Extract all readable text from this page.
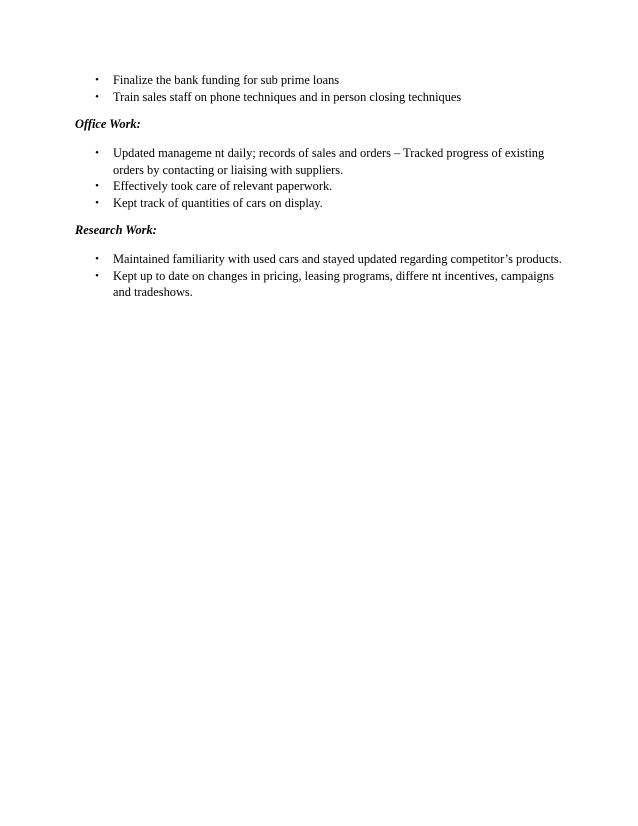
• Finalize the bank funding for sub prime loans
• Train sales staff on phone techniques and in person closing techniques

Office Work:

• Updated manageme nt daily; records of sales and orders – Tracked progress of existing orders by contacting or liaising with suppliers.
• Effectively took care of relevant paperwork.
• Kept track of quantities of cars on display.

Research Work:

• Maintained familiarity with used cars and stayed updated regarding competitor’s products.
• Kept up to date on changes in pricing, leasing programs, differe nt incentives, campaigns and tradeshows.
